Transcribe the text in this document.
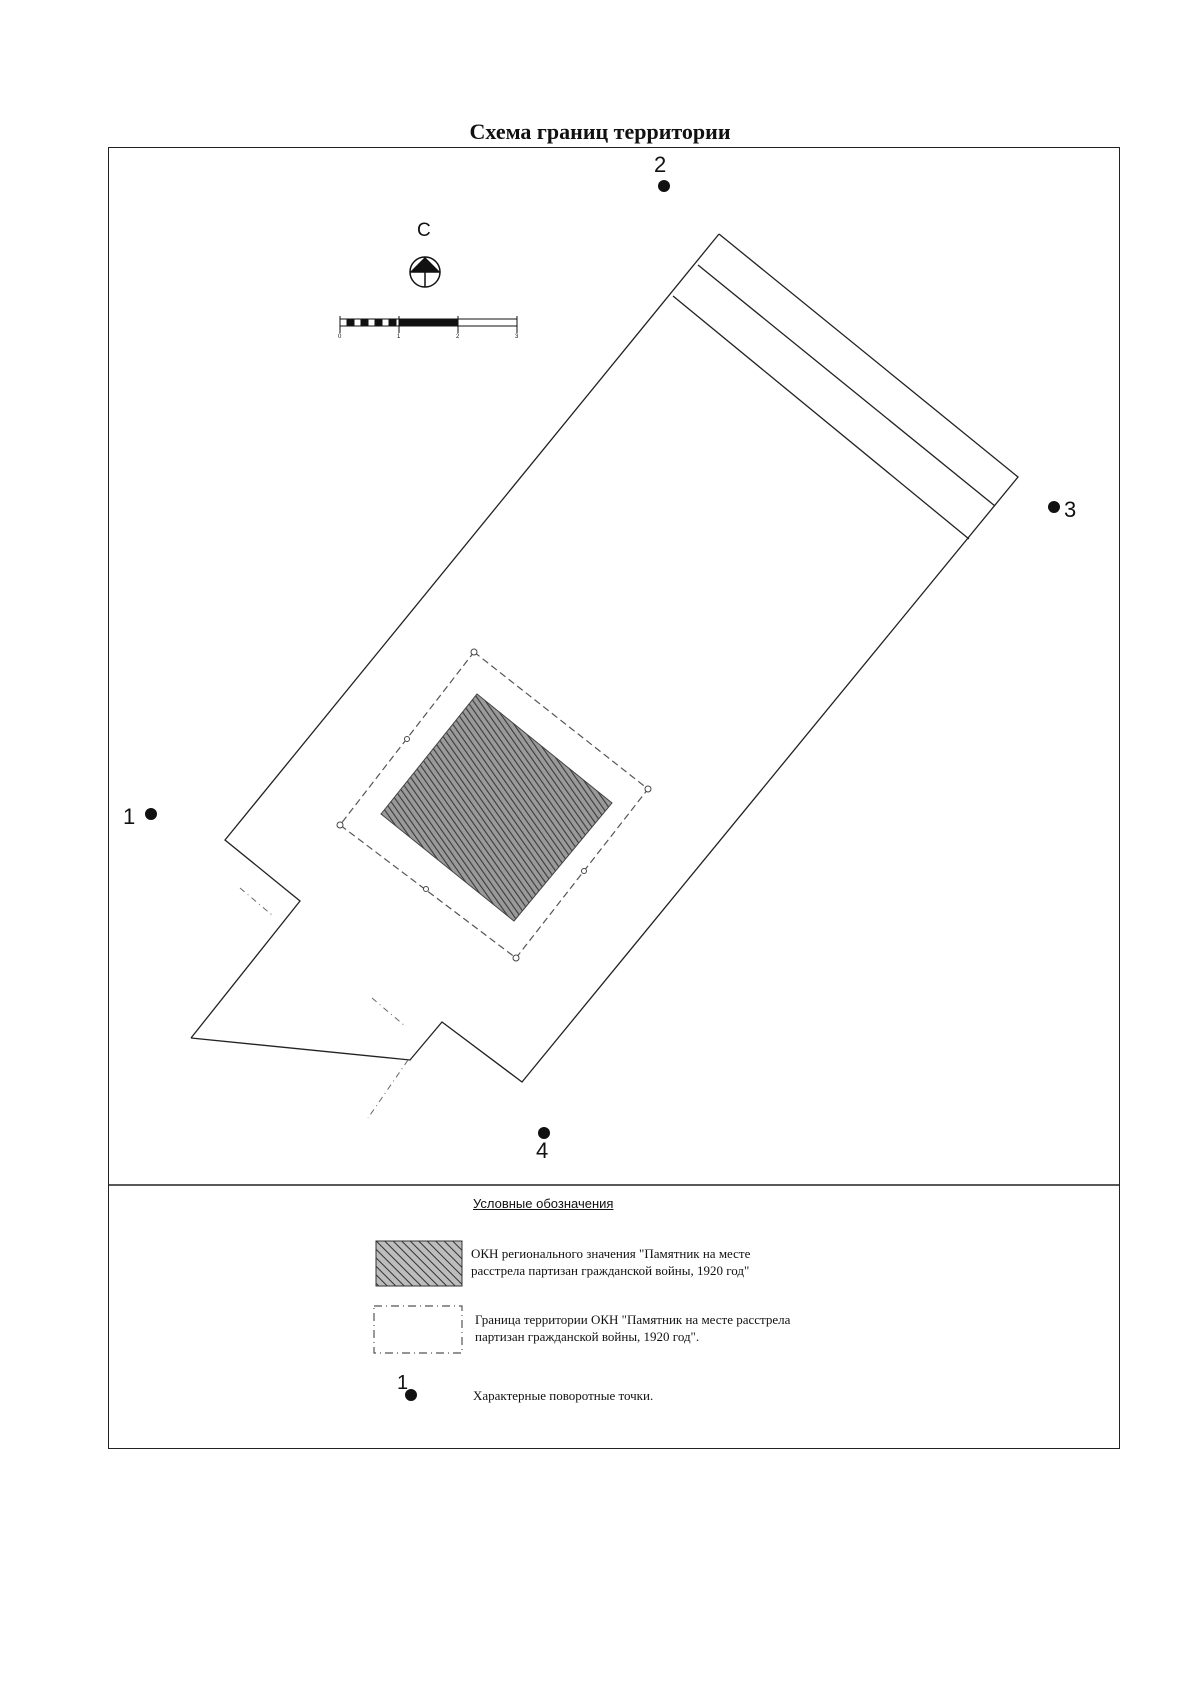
Схема границ территории
1
2
3
4
С
0	1	2	3
Условные обозначения
ОКН регионального значения "Памятник на месте
расстрела партизан гражданской войны, 1920 год"
Граница территории ОКН "Памятник на месте расстрела
партизан гражданской войны, 1920 год".
1
Характерные поворотные точки.
